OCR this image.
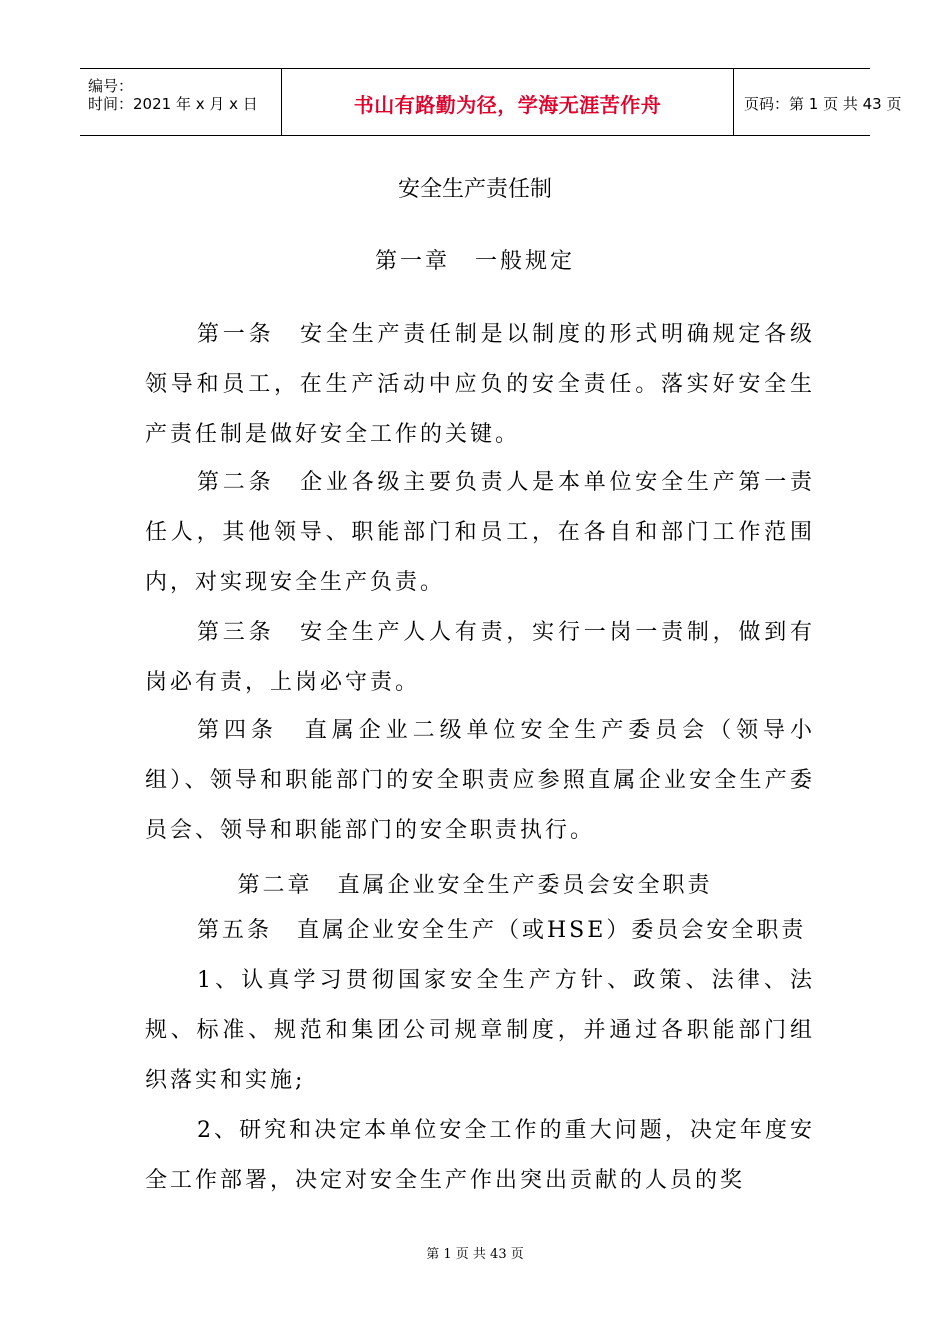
编号：
时间：2021 年 x 月 x 日	书山有路勤为径，学海无涯苦作舟	页码：第 1 页 共 43 页
安全生产责任制
第一章　一般规定

第一条　安全生产责任制是以制度的形式明确规定各级领导和员工，在生产活动中应负的安全责任。落实好安全生产责任制是做好安全工作的关键。

第二条　企业各级主要负责人是本单位安全生产第一责任人，其他领导、职能部门和员工，在各自和部门工作范围内，对实现安全生产负责。

第三条　安全生产人人有责，实行一岗一责制，做到有岗必有责，上岗必守责。

第四条　直属企业二级单位安全生产委员会（领导小组）、领导和职能部门的安全职责应参照直属企业安全生产委员会、领导和职能部门的安全职责执行。

第二章　直属企业安全生产委员会安全职责

第五条　直属企业安全生产（或HSE）委员会安全职责

1、认真学习贯彻国家安全生产方针、政策、法律、法规、标准、规范和集团公司规章制度，并通过各职能部门组织落实和实施;

2、研究和决定本单位安全工作的重大问题，决定年度安全工作部署，决定对安全生产作出突出贡献的人员的奖

第 1 页 共 43 页
